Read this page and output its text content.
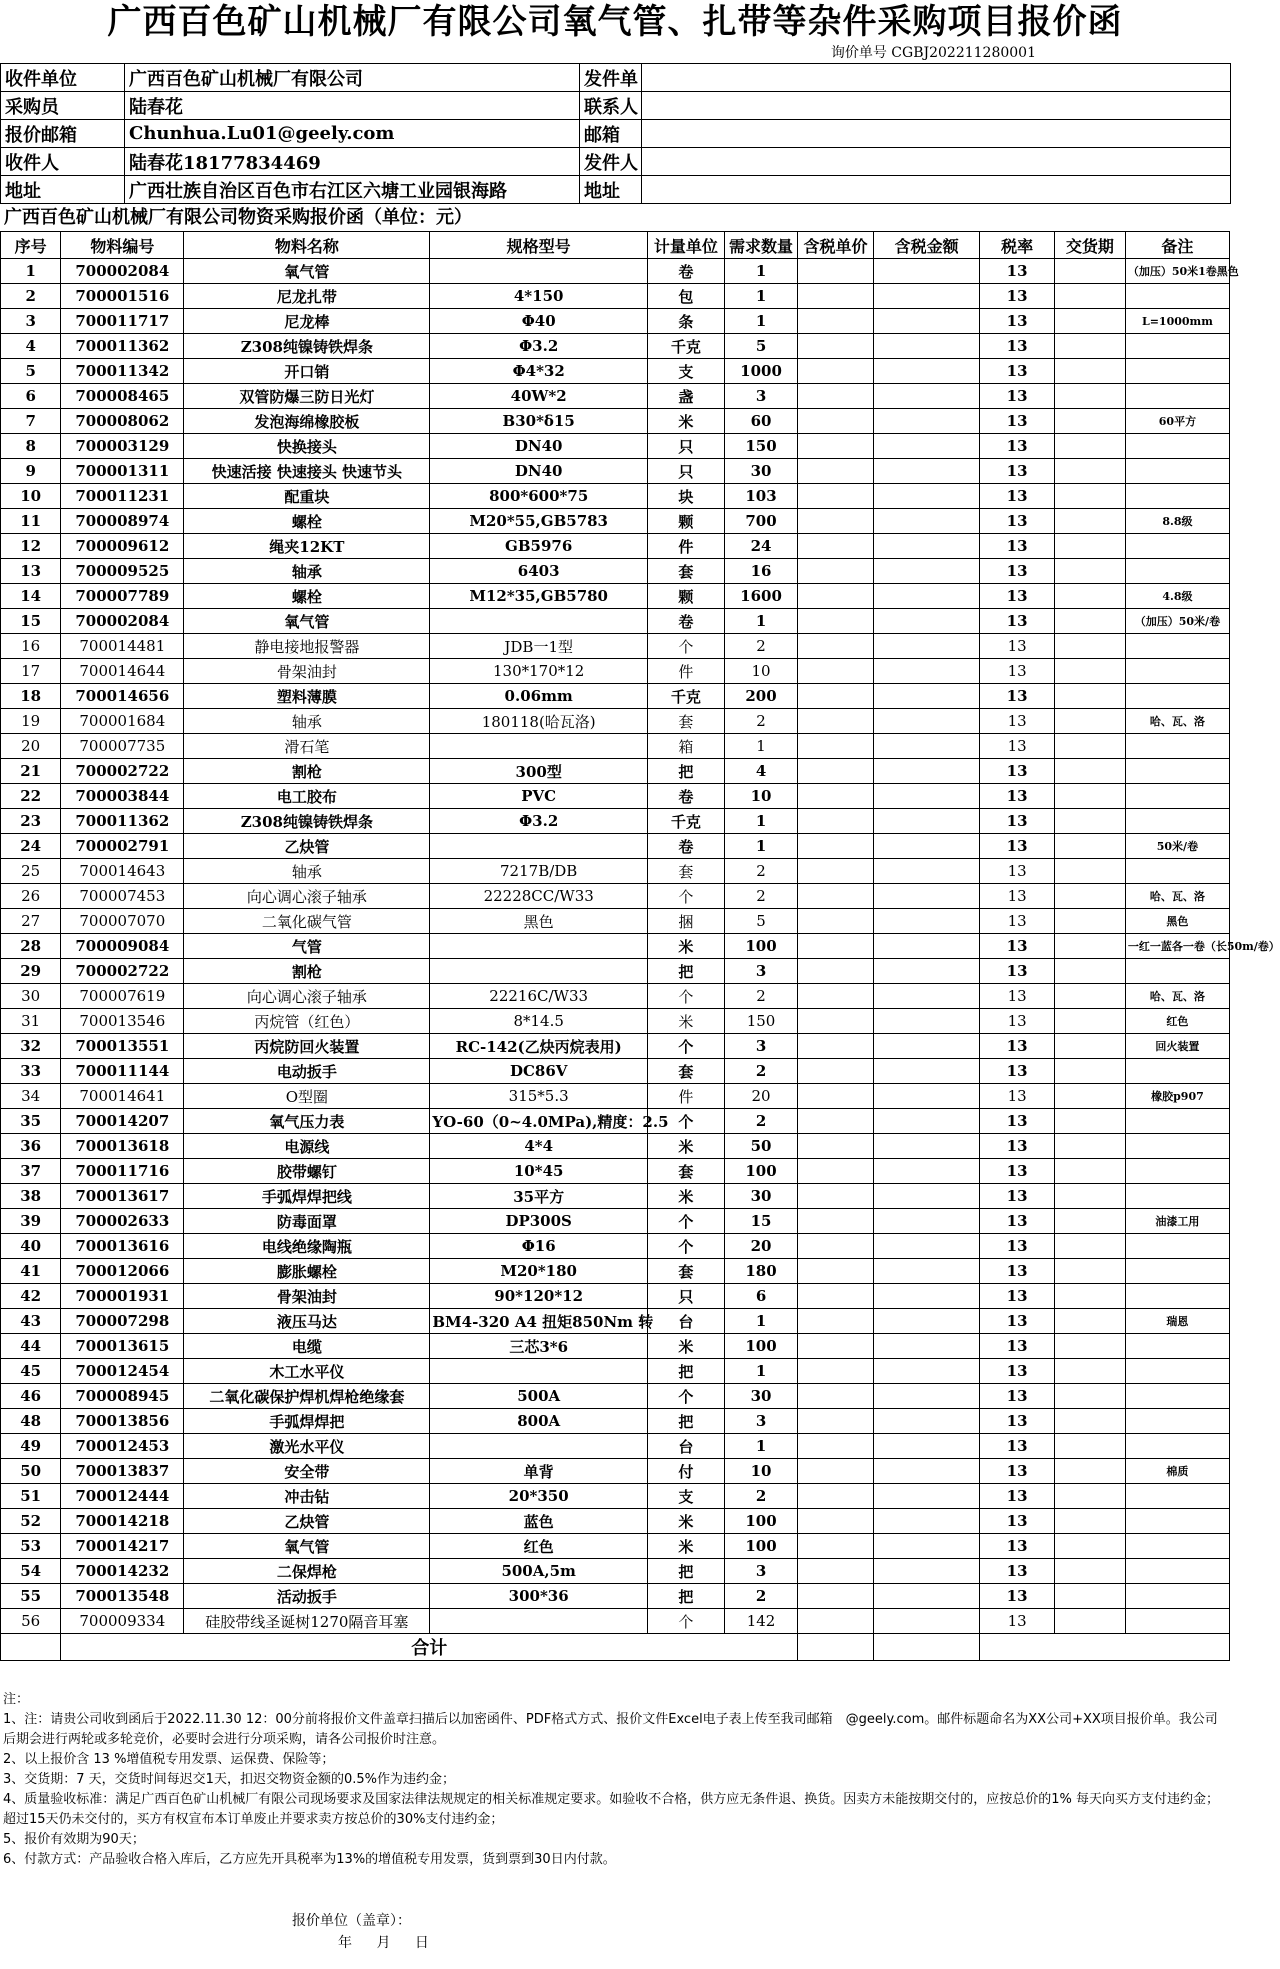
广西百色矿山机械厂有限公司氧气管、扎带等杂件采购项目报价函
询价单号 CGBJ202211280001
收件单位	广西百色矿山机械厂有限公司	发件单	
采购员	陆春花	联系人	
报价邮箱	Chunhua.Lu01@geely.com	邮箱	
收件人	陆春花18177834469	发件人	
地址	广西壮族自治区百色市右江区六塘工业园银海路	地址	
广西百色矿山机械厂有限公司物资采购报价函（单位：元）
序号	物料编号	物料名称	规格型号	计量单位	需求数量	含税单价	含税金额	税率	交货期	备注
1	700002084	氧气管		卷	1			13		（加压）50米1卷黑色
2	700001516	尼龙扎带	4*150	包	1			13		
3	700011717	尼龙棒	Φ40	条	1			13		L=1000mm
4	700011362	Z308纯镍铸铁焊条	Φ3.2	千克	5			13		
5	700011342	开口销	Φ4*32	支	1000			13		
6	700008465	双管防爆三防日光灯	40W*2	盏	3			13		
7	700008062	发泡海绵橡胶板	B30*δ15	米	60			13		60平方
8	700003129	快换接头	DN40	只	150			13		
9	700001311	快速活接 快速接头 快速节头	DN40	只	30			13		
10	700011231	配重块	800*600*75	块	103			13		
11	700008974	螺栓	M20*55,GB5783	颗	700			13		8.8级
12	700009612	绳夹12KT	GB5976	件	24			13		
13	700009525	轴承	6403	套	16			13		
14	700007789	螺栓	M12*35,GB5780	颗	1600			13		4.8级
15	700002084	氧气管		卷	1			13		（加压）50米/卷
16	700014481	静电接地报警器	JDB一1型	个	2			13		
17	700014644	骨架油封	130*170*12	件	10			13		
18	700014656	塑料薄膜	0.06mm	千克	200			13		
19	700001684	轴承	180118(哈瓦洛)	套	2			13		哈、瓦、洛
20	700007735	滑石笔		箱	1			13		
21	700002722	割枪	300型	把	4			13		
22	700003844	电工胶布	PVC	卷	10			13		
23	700011362	Z308纯镍铸铁焊条	Φ3.2	千克	1			13		
24	700002791	乙炔管		卷	1			13		50米/卷
25	700014643	轴承	7217B/DB	套	2			13		
26	700007453	向心调心滚子轴承	22228CC/W33	个	2			13		哈、瓦、洛
27	700007070	二氧化碳气管	黑色	捆	5			13		黑色
28	700009084	气管		米	100			13		一红一蓝各一卷（长50m/卷）
29	700002722	割枪		把	3			13		
30	700007619	向心调心滚子轴承	22216C/W33	个	2			13		哈、瓦、洛
31	700013546	丙烷管（红色）	8*14.5	米	150			13		红色
32	700013551	丙烷防回火装置	RC-142(乙炔丙烷表用)	个	3			13		回火装置
33	700011144	电动扳手	DC86V	套	2			13		
34	700014641	O型圈	315*5.3	件	20			13		橡胶p907
35	700014207	氧气压力表	YO-60（0~4.0MPa),精度：2.5	个	2			13		
36	700013618	电源线	4*4	米	50			13		
37	700011716	胶带螺钉	10*45	套	100			13		
38	700013617	手弧焊焊把线	35平方	米	30			13		
39	700002633	防毒面罩	DP300S	个	15			13		油漆工用
40	700013616	电线绝缘陶瓶	Φ16	个	20			13		
41	700012066	膨胀螺栓	M20*180	套	180			13		
42	700001931	骨架油封	90*120*12	只	6			13		
43	700007298	液压马达	BM4-320 A4 扭矩850Nm 转	台	1			13		瑞恩
44	700013615	电缆	三芯3*6	米	100			13		
45	700012454	木工水平仪		把	1			13		
46	700008945	二氧化碳保护焊机焊枪绝缘套	500A	个	30			13		
48	700013856	手弧焊焊把	800A	把	3			13		
49	700012453	激光水平仪		台	1			13		
50	700013837	安全带	单背	付	10			13		棉质
51	700012444	冲击钻	20*350	支	2			13		
52	700014218	乙炔管	蓝色	米	100			13		
53	700014217	氧气管	红色	米	100			13		
54	700014232	二保焊枪	500A,5m	把	3			13		
55	700013548	活动扳手	300*36	把	2			13		
56	700009334	硅胶带线圣诞树1270隔音耳塞		个	142			13		
	合计									

注：

1、注：请贵公司收到函后于2022.11.30 12：00分前将报价文件盖章扫描后以加密函件、PDF格式方式、报价文件Excel电子表上传至我司邮箱　@geely.com。邮件标题命名为XX公司+XX项目报价单。我公司后期会进行两轮或多轮竞价，必要时会进行分项采购，请各公司报价时注意。

2、以上报价含 13 %增值税专用发票、运保费、保险等；

3、交货期：7 天，交货时间每迟交1天，扣迟交物资金额的0.5%作为违约金；

4、质量验收标准：满足广西百色矿山机械厂有限公司现场要求及国家法律法规规定的相关标准规定要求。如验收不合格，供方应无条件退、换货。因卖方未能按期交付的，应按总价的1% 每天向买方支付违约金；超过15天仍未交付的，买方有权宣布本订单废止并要求卖方按总价的30%支付违约金；

5、报价有效期为90天；

6、付款方式：产品验收合格入库后，乙方应先开具税率为13%的增值税专用发票，货到票到30日内付款。

报价单位（盖章）：
年 月 日
